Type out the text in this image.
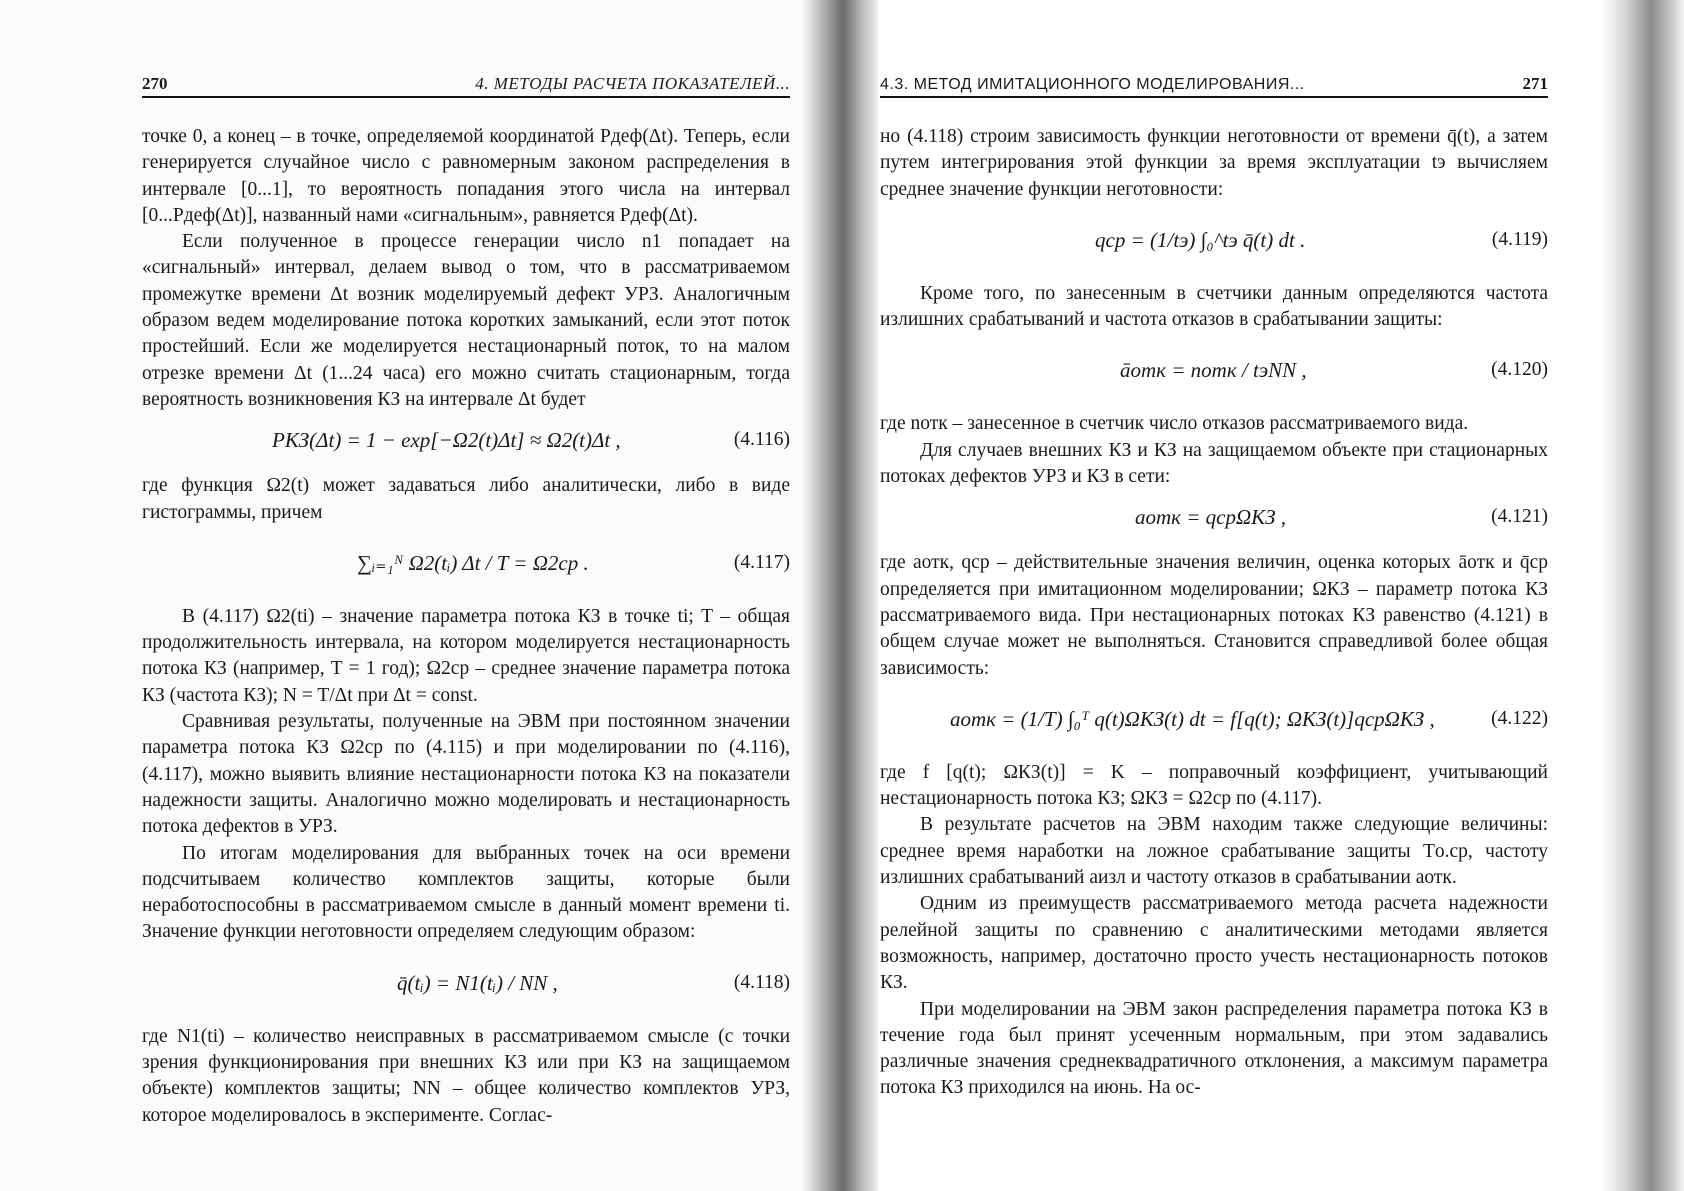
270	4. МЕТОДЫ РАСЧЕТА ПОКАЗАТЕЛЕЙ...

точке 0, а конец – в точке, определяемой координатой Pдеф(Δt). Теперь, если генерируется случайное число с равномерным законом распределения в интервале [0...1], то вероятность попадания этого числа на интервал [0...Pдеф(Δt)], названный нами «сигнальным», равняется Pдеф(Δt).

Если полученное в процессе генерации число n1 попадает на «сигнальный» интервал, делаем вывод о том, что в рассматриваемом промежутке времени Δt возник моделируемый дефект УРЗ. Аналогичным образом ведем моделирование потока коротких замыканий, если этот поток простейший. Если же моделируется нестационарный поток, то на малом отрезке времени Δt (1...24 часа) его можно считать стационарным, тогда вероятность возникновения КЗ на интервале Δt будет

PКЗ(Δt) = 1 − exp[−Ω2(t)Δt] ≈ Ω2(t)Δt ,	(4.116)

где функция Ω2(t) может задаваться либо аналитически, либо в виде гистограммы, причем

∑ᵢ₌₁ᴺ Ω2(tᵢ) Δt / T = Ω2ср .	(4.117)

В (4.117) Ω2(ti) – значение параметра потока КЗ в точке ti; T – общая продолжительность интервала, на котором моделируется нестационарность потока КЗ (например, T = 1 год); Ω2ср – среднее значение параметра потока КЗ (частота КЗ); N = T/Δt при Δt = const.

Сравнивая результаты, полученные на ЭВМ при постоянном значении параметра потока КЗ Ω2ср по (4.115) и при моделировании по (4.116), (4.117), можно выявить влияние нестационарности потока КЗ на показатели надежности защиты. Аналогично можно моделировать и нестационарность потока дефектов в УРЗ.

По итогам моделирования для выбранных точек на оси времени подсчитываем количество комплектов защиты, которые были неработоспособны в рассматриваемом смысле в данный момент времени ti. Значение функции неготовности определяем следующим образом:

q̄(tᵢ) = N1(tᵢ) / NN ,	(4.118)

где N1(ti) – количество неисправных в рассматриваемом смысле (с точки зрения функционирования при внешних КЗ или при КЗ на защищаемом объекте) комплектов защиты; NN – общее количество комплектов УРЗ, которое моделировалось в эксперименте. Соглас-

4.3. МЕТОД ИМИТАЦИОННОГО МОДЕЛИРОВАНИЯ...	271

но (4.118) строим зависимость функции неготовности от времени q̄(t), а затем путем интегрирования этой функции за время эксплуатации tэ вычисляем среднее значение функции неготовности:

qср = (1/tэ) ∫₀^tэ q̄(t) dt .	(4.119)

Кроме того, по занесенным в счетчики данным определяются частота излишних срабатываний и частота отказов в срабатывании защиты:

āотк = nотк / tэNN ,	(4.120)

где nотк – занесенное в счетчик число отказов рассматриваемого вида.

Для случаев внешних КЗ и КЗ на защищаемом объекте при стационарных потоках дефектов УРЗ и КЗ в сети:

aотк = qсрΩКЗ ,	(4.121)

где aотк, qср – действительные значения величин, оценка которых āотк и q̄ср определяется при имитационном моделировании; ΩКЗ – параметр потока КЗ рассматриваемого вида. При нестационарных потоках КЗ равенство (4.121) в общем случае может не выполняться. Становится справедливой более общая зависимость:

aотк = (1/T) ∫₀ᵀ q(t)ΩКЗ(t) dt = f[q(t); ΩКЗ(t)]qсрΩКЗ ,	(4.122)

где f [q(t); ΩКЗ(t)] = K – поправочный коэффициент, учитывающий нестационарность потока КЗ; ΩКЗ = Ω2ср по (4.117).

В результате расчетов на ЭВМ находим также следующие величины: среднее время наработки на ложное срабатывание защиты Tо.ср, частоту излишних срабатываний aизл и частоту отказов в срабатывании aотк.

Одним из преимуществ рассматриваемого метода расчета надежности релейной защиты по сравнению с аналитическими методами является возможность, например, достаточно просто учесть нестационарность потоков КЗ.

При моделировании на ЭВМ закон распределения параметра потока КЗ в течение года был принят усеченным нормальным, при этом задавались различные значения среднеквадратичного отклонения, а максимум параметра потока КЗ приходился на июнь. На ос-
